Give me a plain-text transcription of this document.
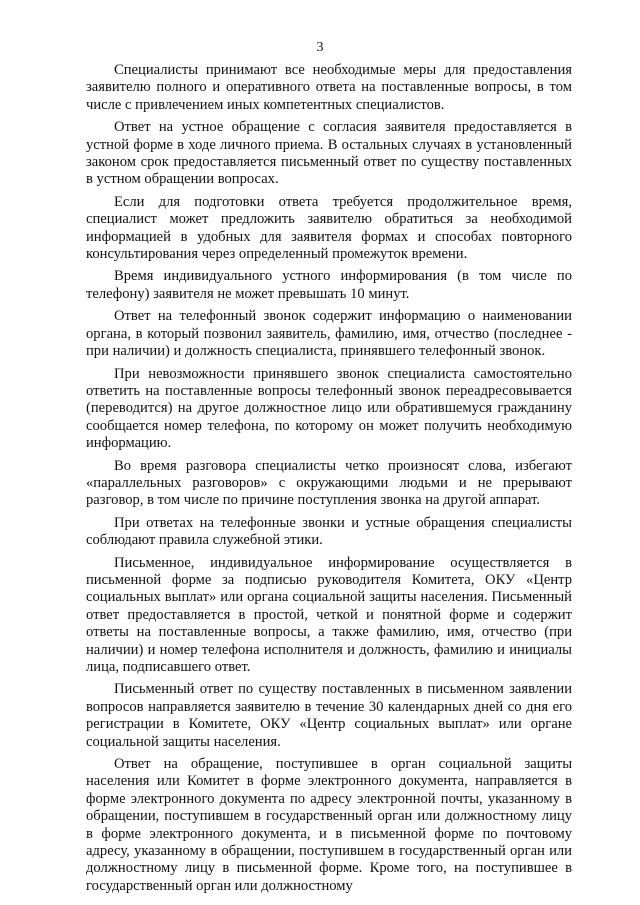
3

Специалисты принимают все необходимые меры для предоставления заявителю полного и оперативного ответа на поставленные вопросы, в том числе с привлечением иных компетентных специалистов.

Ответ на устное обращение с согласия заявителя предоставляется в устной форме в ходе личного приема. В остальных случаях в установленный законом срок предоставляется письменный ответ по существу поставленных в устном обращении вопросах.

Если для подготовки ответа требуется продолжительное время, специалист может предложить заявителю обратиться за необходимой информацией в удобных для заявителя формах и способах повторного консультирования через определенный промежуток времени.

Время индивидуального устного информирования (в том числе по телефону) заявителя не может превышать 10 минут.

Ответ на телефонный звонок содержит информацию о наименовании органа, в который позвонил заявитель, фамилию, имя, отчество (последнее - при наличии) и должность специалиста, принявшего телефонный звонок.

При невозможности принявшего звонок специалиста самостоятельно ответить на поставленные вопросы телефонный звонок переадресовывается (переводится) на другое должностное лицо или обратившемуся гражданину сообщается номер телефона, по которому он может получить необходимую информацию.

Во время разговора специалисты четко произносят слова, избегают «параллельных разговоров» с окружающими людьми и не прерывают разговор, в том числе по причине поступления звонка на другой аппарат.

При ответах на телефонные звонки и устные обращения специалисты соблюдают правила служебной этики.

Письменное, индивидуальное информирование осуществляется в письменной форме за подписью руководителя Комитета, ОКУ «Центр социальных выплат» или органа социальной защиты населения. Письменный ответ предоставляется в простой, четкой и понятной форме и содержит ответы на поставленные вопросы, а также фамилию, имя, отчество (при наличии) и номер телефона исполнителя и должность, фамилию и инициалы лица, подписавшего ответ.

Письменный ответ по существу поставленных в письменном заявлении вопросов направляется заявителю в течение 30 календарных дней со дня его регистрации в Комитете, ОКУ «Центр социальных выплат» или органе социальной защиты населения.

Ответ на обращение, поступившее в орган социальной защиты населения или Комитет в форме электронного документа, направляется в форме электронного документа по адресу электронной почты, указанному в обращении, поступившем в государственный орган или должностному лицу в форме электронного документа, и в письменной форме по почтовому адресу, указанному в обращении, поступившем в государственный орган или должностному лицу в письменной форме. Кроме того, на поступившее в государственный орган или должностному
